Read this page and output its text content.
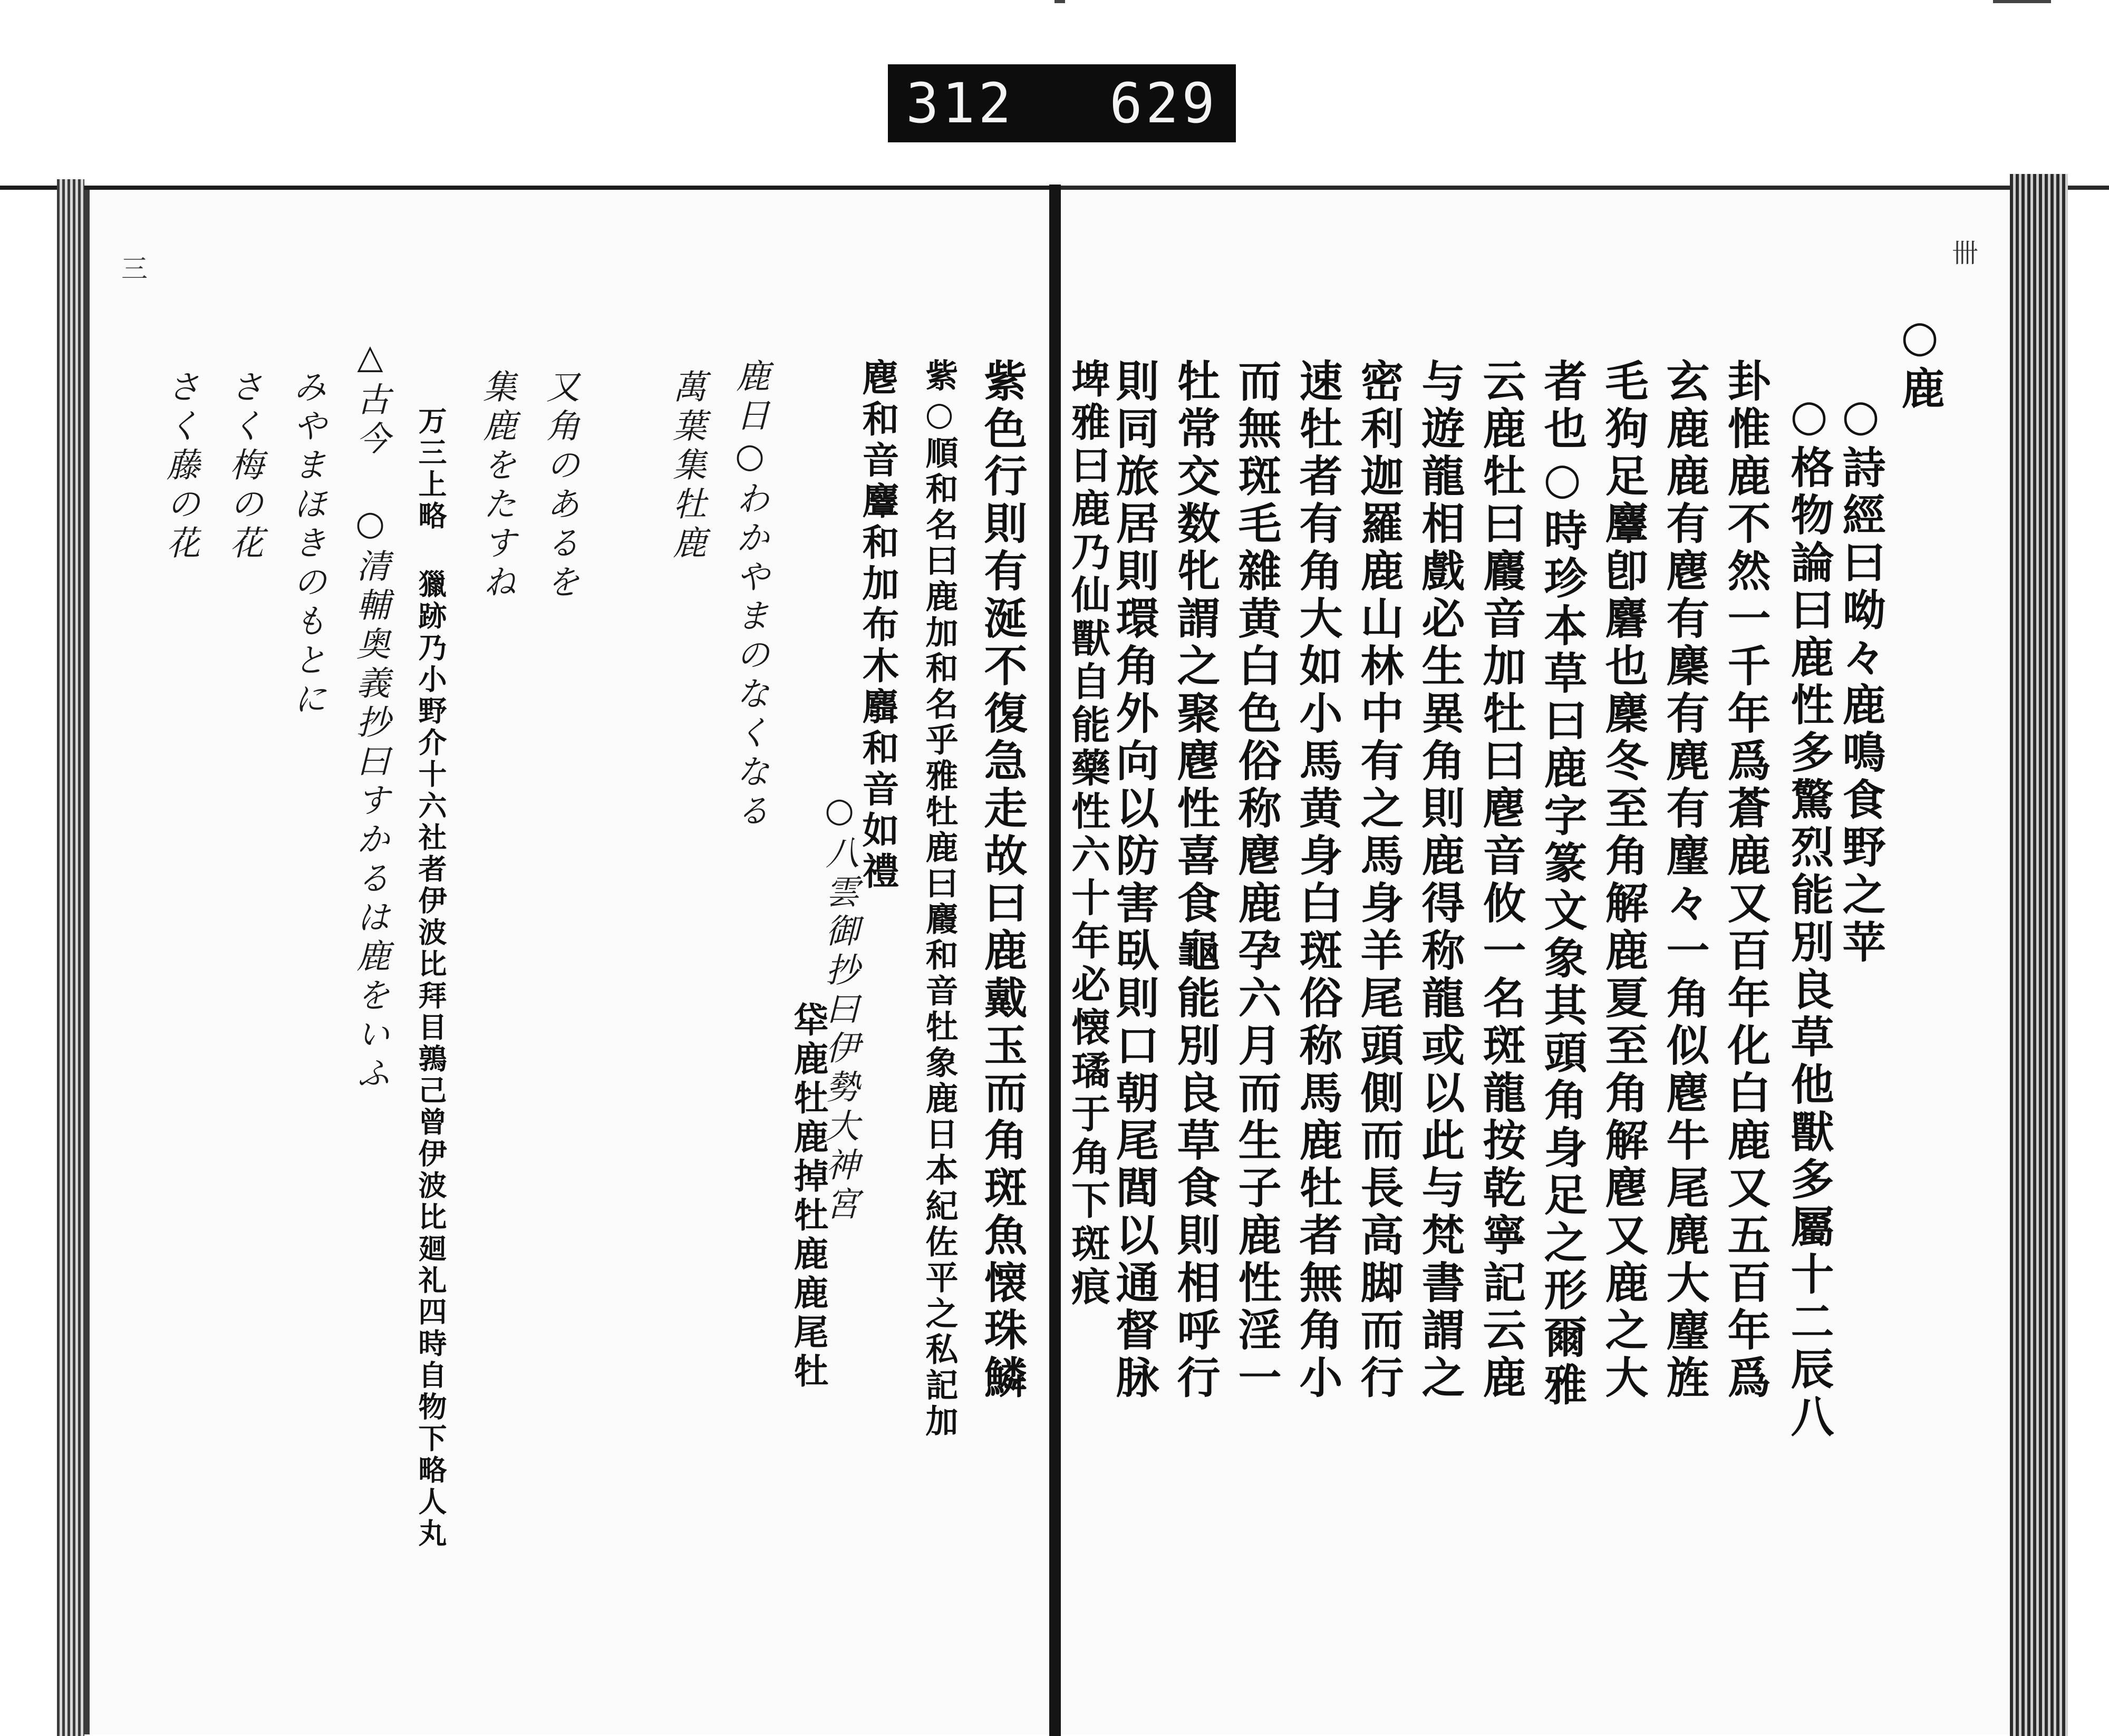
312 629
三
卌
○鹿
○詩經曰呦々鹿鳴食野之苹
○格物論曰鹿性多驚烈能別良草他獸多屬十二辰八
卦惟鹿不然一千年爲蒼鹿又百年化白鹿又五百年爲
玄鹿鹿有麀有麇有麂有麈々一角似麀牛尾麂大麈旌
毛狗足麞卽麏也麇冬至角解鹿夏至角解麀又鹿之大
者也○時珍本草曰鹿字篆文象其頭角身足之形爾雅
云鹿牡曰麚音加牡曰麀音攸一名斑龍按乾寧記云鹿
与遊龍相戲必生異角則鹿得称龍或以此与梵書謂之
密利迦羅鹿山林中有之馬身羊尾頭側而長高脚而行
速牡者有角大如小馬黄身白斑俗称馬鹿牡者無角小
而無斑毛雜黄白色俗称麀鹿孕六月而生子鹿性淫一
牡常交数牝謂之聚麀性喜食龜能別良草食則相呼行
則同旅居則環角外向以防害臥則口朝尾閭以通督脉
埤雅曰鹿乃仙獸自能藥性六十年必懐璚于角下斑痕
紫色行則有涎不復急走故曰鹿戴玉而角斑魚懐珠鱗
紫○順和名曰鹿加和名乎雅牡鹿曰麚和音牡象鹿日本紀佐平之私記加
麀和音麞和加布木麛和音如禮
○八雲御抄曰伊勢大神宮
牮鹿牡鹿掉牡鹿鹿尾牡
鹿日○わかやまのなくなる
萬葉集牡鹿
又角のあるを
集鹿をたすね
万三上略 獵跡乃小野介十六社者伊波比拜目鶉己曾伊波比廻礼四時自物下略人丸
△古今 ○清輔奥義抄曰すかるは鹿をいふ
みやまほきのもとに
さく梅の花
さく藤の花
